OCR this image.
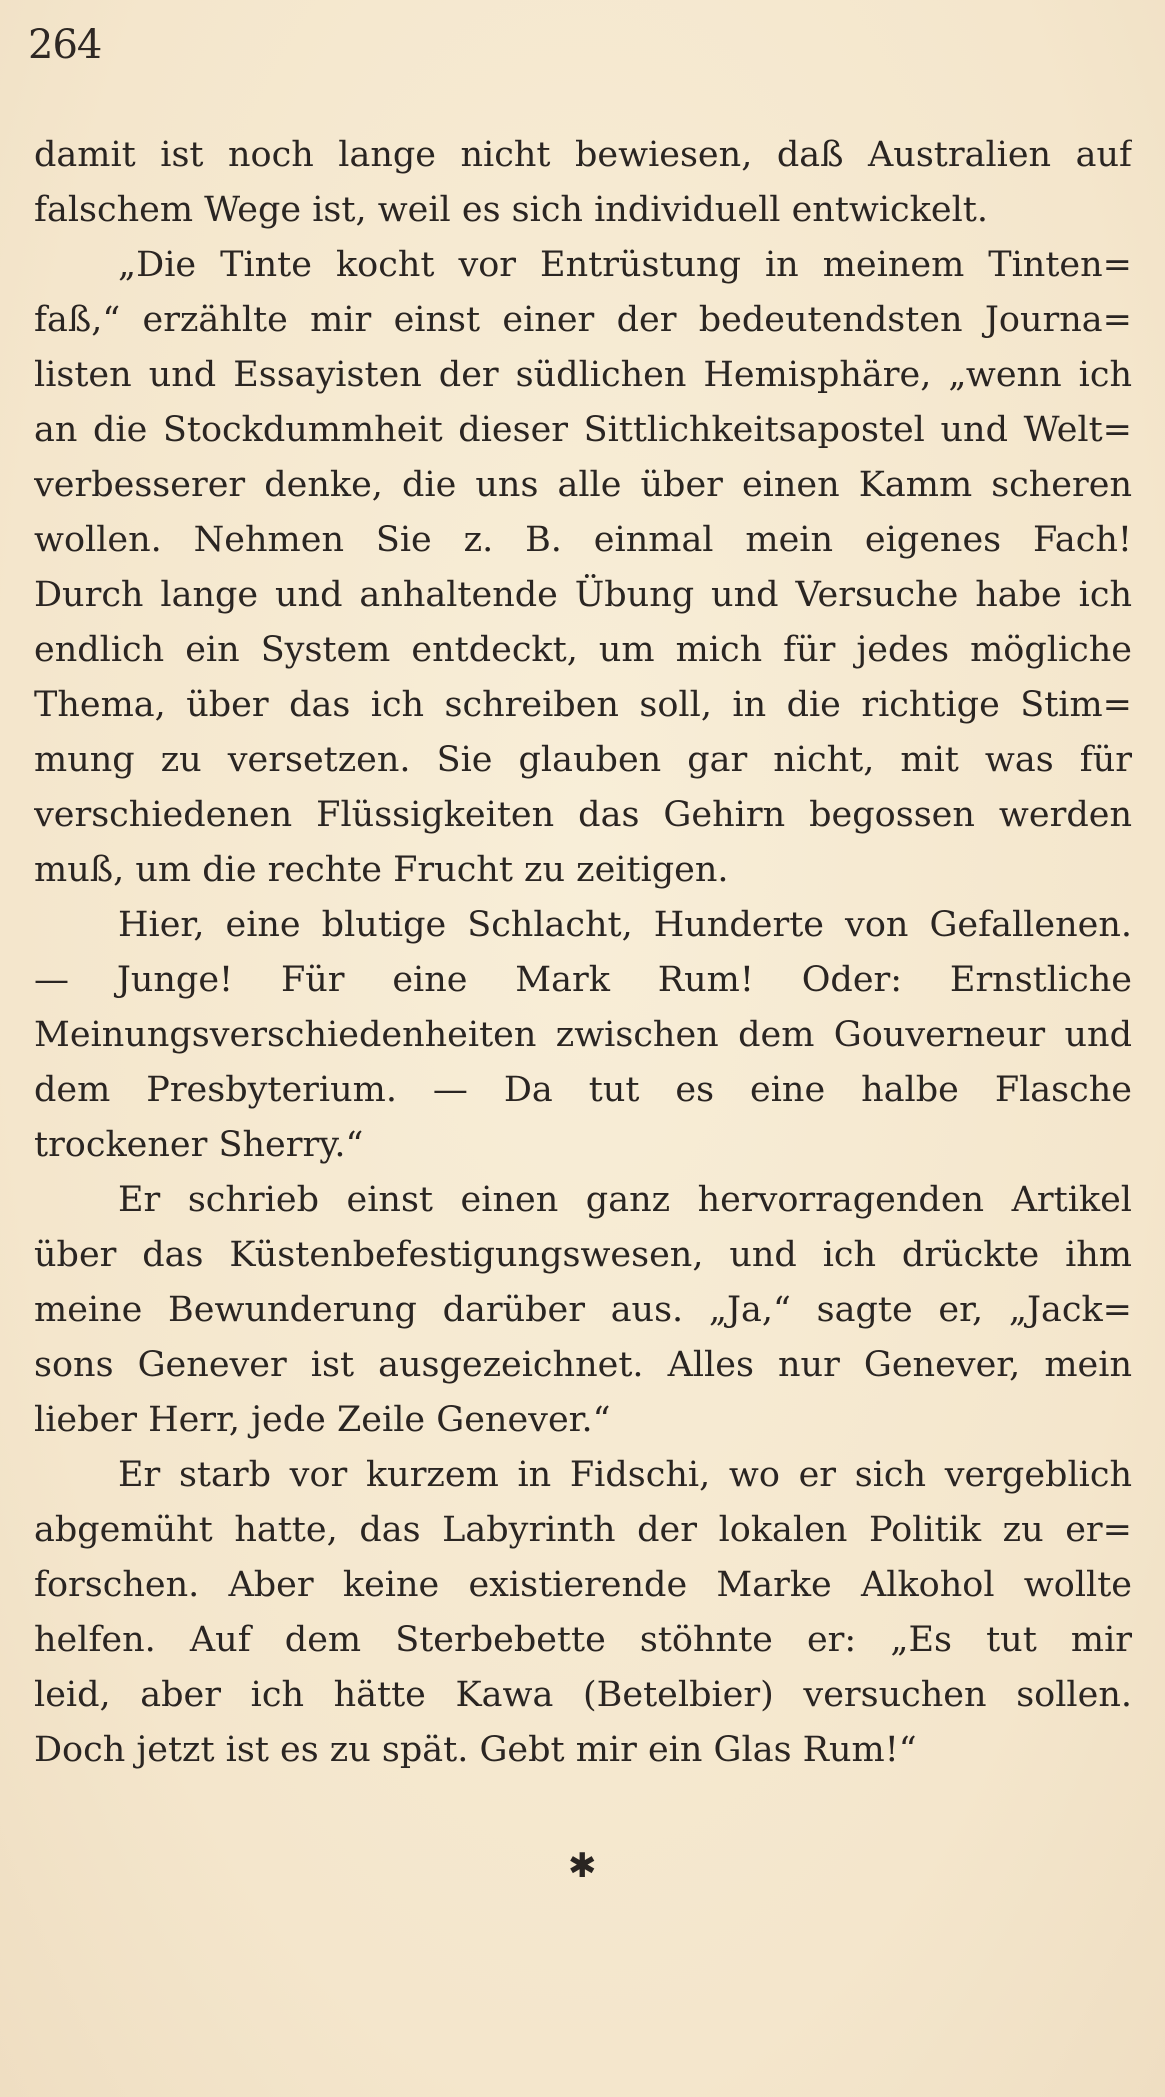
264

damit ist noch lange nicht bewiesen, daß Australien auf
falschem Wege ist, weil es sich individuell entwickelt.
„Die Tinte kocht vor Entrüstung in meinem Tinten=
faß,“ erzählte mir einst einer der bedeutendsten Journa=
listen und Essayisten der südlichen Hemisphäre, „wenn ich
an die Stockdummheit dieser Sittlichkeitsapostel und Welt=
verbesserer denke, die uns alle über einen Kamm scheren
wollen. Nehmen Sie z. B. einmal mein eigenes Fach!
Durch lange und anhaltende Übung und Versuche habe ich
endlich ein System entdeckt, um mich für jedes mögliche
Thema, über das ich schreiben soll, in die richtige Stim=
mung zu versetzen. Sie glauben gar nicht, mit was für
verschiedenen Flüssigkeiten das Gehirn begossen werden
muß, um die rechte Frucht zu zeitigen.
Hier, eine blutige Schlacht, Hunderte von Gefallenen.
— Junge! Für eine Mark Rum! Oder: Ernstliche
Meinungsverschiedenheiten zwischen dem Gouverneur und
dem Presbyterium. — Da tut es eine halbe Flasche
trockener Sherry.“
Er schrieb einst einen ganz hervorragenden Artikel
über das Küstenbefestigungswesen, und ich drückte ihm
meine Bewunderung darüber aus. „Ja,“ sagte er, „Jack=
sons Genever ist ausgezeichnet. Alles nur Genever, mein
lieber Herr, jede Zeile Genever.“
Er starb vor kurzem in Fidschi, wo er sich vergeblich
abgemüht hatte, das Labyrinth der lokalen Politik zu er=
forschen. Aber keine existierende Marke Alkohol wollte
helfen. Auf dem Sterbebette stöhnte er: „Es tut mir
leid, aber ich hätte Kawa (Betelbier) versuchen sollen.
Doch jetzt ist es zu spät. Gebt mir ein Glas Rum!“
✱
